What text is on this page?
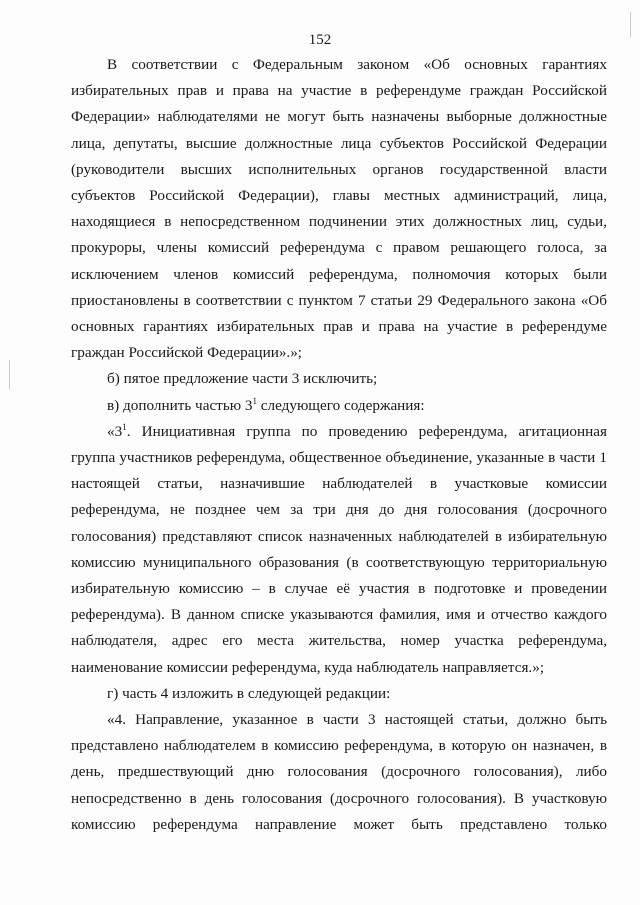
152
В соответствии с Федеральным законом «Об основных гарантиях
избирательных прав и права на участие в референдуме граждан Российской
Федерации» наблюдателями не могут быть назначены выборные должностные
лица, депутаты, высшие должностные лица субъектов Российской Федерации
(руководители высших исполнительных органов государственной власти
субъектов Российской Федерации), главы местных администраций, лица,
находящиеся в непосредственном подчинении этих должностных лиц, судьи,
прокуроры, члены комиссий референдума с правом решающего голоса, за
исключением членов комиссий референдума, полномочия которых были
приостановлены в соответствии с пунктом 7 статьи 29 Федерального закона «Об
основных гарантиях избирательных прав и права на участие в референдуме
граждан Российской Федерации».»;
б) пятое предложение части 3 исключить;
в) дополнить частью $3^1$ следующего содержания:
«$3^1$. Инициативная группа по проведению референдума, агитационная
группа участников референдума, общественное объединение, указанные в части 1
настоящей статьи, назначившие наблюдателей в участковые комиссии
референдума, не позднее чем за три дня до дня голосования (досрочного
голосования) представляют список назначенных наблюдателей в избирательную
комиссию муниципального образования (в соответствующую территориальную
избирательную комиссию – в случае её участия в подготовке и проведении
референдума). В данном списке указываются фамилия, имя и отчество каждого
наблюдателя, адрес его места жительства, номер участка референдума,
наименование комиссии референдума, куда наблюдатель направляется.»;
г) часть 4 изложить в следующей редакции:
«4. Направление, указанное в части 3 настоящей статьи, должно быть
представлено наблюдателем в комиссию референдума, в которую он назначен, в
день, предшествующий дню голосования (досрочного голосования), либо
непосредственно в день голосования (досрочного голосования). В участковую
комиссию референдума направление может быть представлено только
